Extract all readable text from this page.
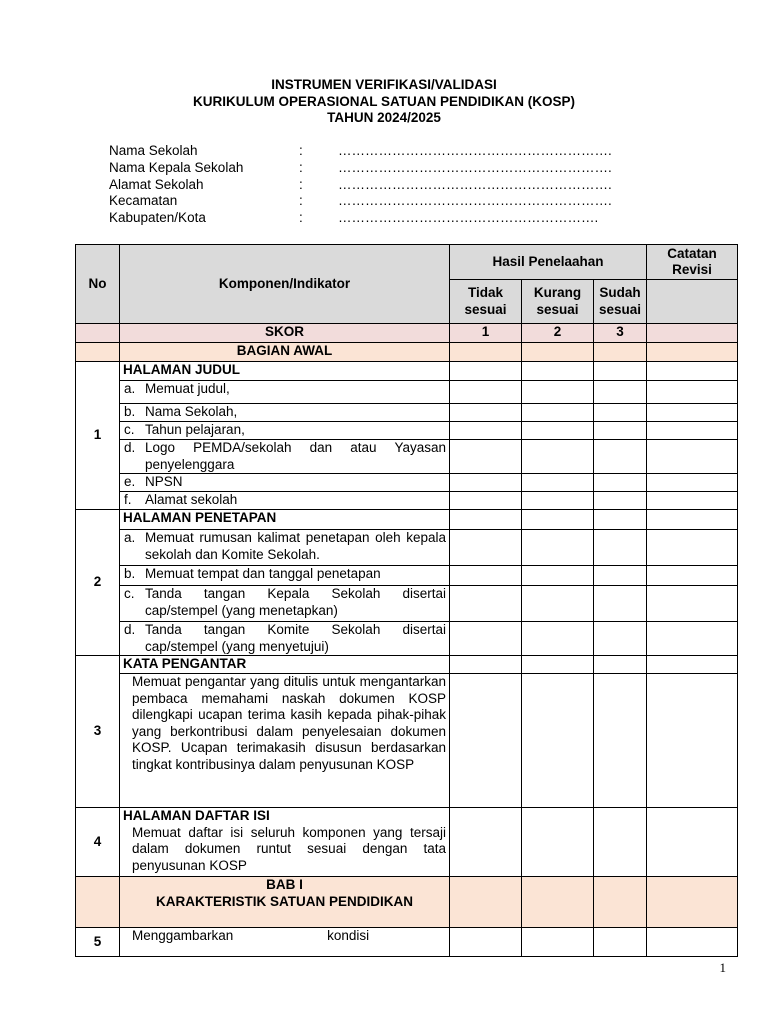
INSTRUMEN VERIFIKASI/VALIDASI
KURIKULUM OPERASIONAL SATUAN PENDIDIKAN (KOSP)
TAHUN 2024/2025
Nama Sekolah	:	…………………………………………………….
Nama Kepala Sekolah	:	…………………………………………………….
Alamat Sekolah	:	…………………………………………………….
Kecamatan	:	…………………………………………………….
Kabupaten/Kota	:	………………………………………………….
No	Komponen/Indikator	Hasil Penelaahan			Catatan Revisi
		Tidak sesuai	Kurang sesuai	Sudah sesuai	
	SKOR	1	2	3	
	BAGIAN AWAL				
1	HALAMAN JUDUL				

	a. Memuat judul,				

	b. Nama Sekolah,				

	c. Tahun pelajaran,				

	d. Logo PEMDA/sekolah dan atau Yayasan penyelenggara				

	e. NPSN				

	f. Alamat sekolah				
2	HALAMAN PENETAPAN				

	a. Memuat rumusan kalimat penetapan oleh kepala sekolah dan Komite Sekolah.				

	b. Memuat tempat dan tanggal penetapan				

	c. Tanda tangan Kepala Sekolah disertai cap/stempel (yang menetapkan)				

	d. Tanda tangan Komite Sekolah disertai cap/stempel (yang menyetujui)				
3	KATA PENGANTAR				
	Memuat pengantar yang ditulis untuk mengantarkan pembaca memahami naskah dokumen KOSP dilengkapi ucapan terima kasih kepada pihak-pihak yang berkontribusi dalam penyelesaian dokumen KOSP. Ucapan terimakasih disusun berdasarkan tingkat kontribusinya dalam penyusunan KOSP				
4	HALAMAN DAFTAR ISI				
	Memuat daftar isi seluruh komponen yang tersaji dalam dokumen runtut sesuai dengan tata penyusunan KOSP				

	BAB I
KARAKTERISTIK SATUAN PENDIDIKAN				

5	Menggambarkan                         kondisi				
1
